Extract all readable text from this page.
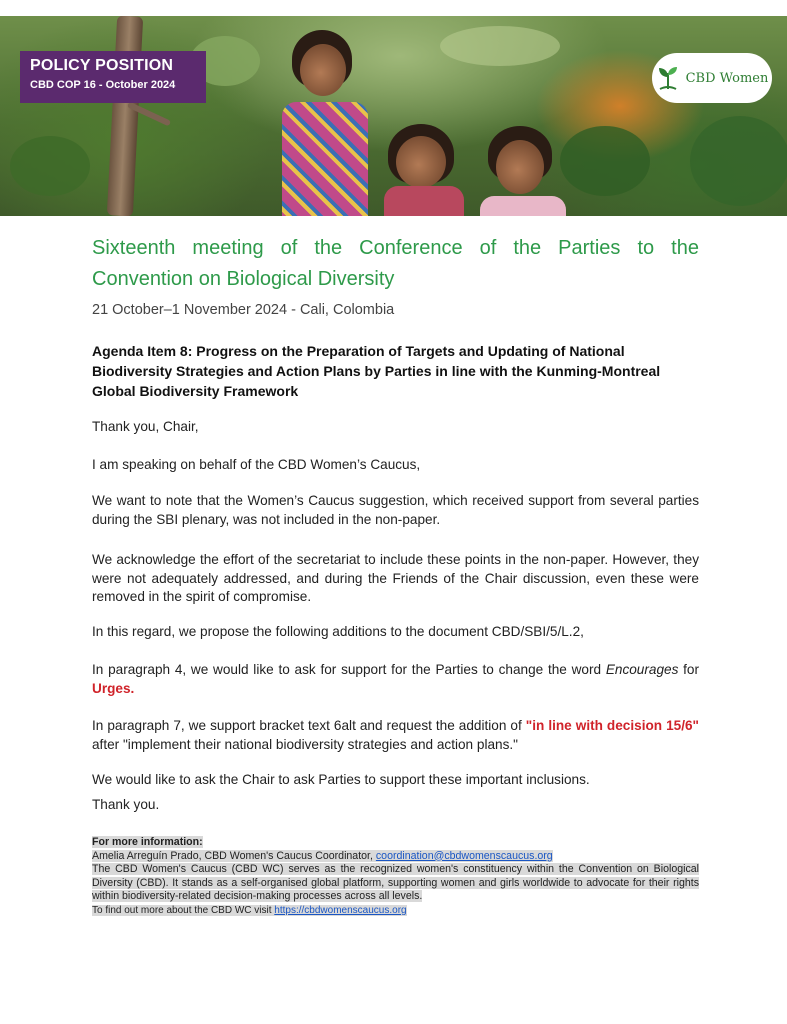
POLICY POSITION
CBD COP 16 - October 2024	CBD Women
Sixteenth meeting of the Conference of the Parties to the Convention on Biological Diversity
21 October–1 November 2024 - Cali, Colombia
Agenda Item 8: Progress on the Preparation of Targets and Updating of National Biodiversity Strategies and Action Plans by Parties in line with the Kunming-Montreal Global Biodiversity Framework

Thank you, Chair,

I am speaking on behalf of the CBD Women’s Caucus,

We want to note that the Women’s Caucus suggestion, which received support from several parties during the SBI plenary, was not included in the non-paper.

We acknowledge the effort of the secretariat to include these points in the non-paper. However, they were not adequately addressed, and during the Friends of the Chair discussion, even these were removed in the spirit of compromise.

In this regard, we propose the following additions to the document CBD/SBI/5/L.2,

In paragraph 4, we would like to ask for support for the Parties to change the word Encourages for Urges.

In paragraph 7, we support bracket text 6alt and request the addition of "in line with decision 15/6" after "implement their national biodiversity strategies and action plans."

We would like to ask the Chair to ask Parties to support these important inclusions.

Thank you.

For more information:
Amelia Arreguín Prado, CBD Women's Caucus Coordinator, coordination@cbdwomenscaucus.org

The CBD Women's Caucus (CBD WC) serves as the recognized women's constituency within the Convention on Biological Diversity (CBD). It stands as a self-organised global platform, supporting women and girls worldwide to advocate for their rights within biodiversity-related decision-making processes across all levels.

To find out more about the CBD WC visit https://cbdwomenscaucus.org
